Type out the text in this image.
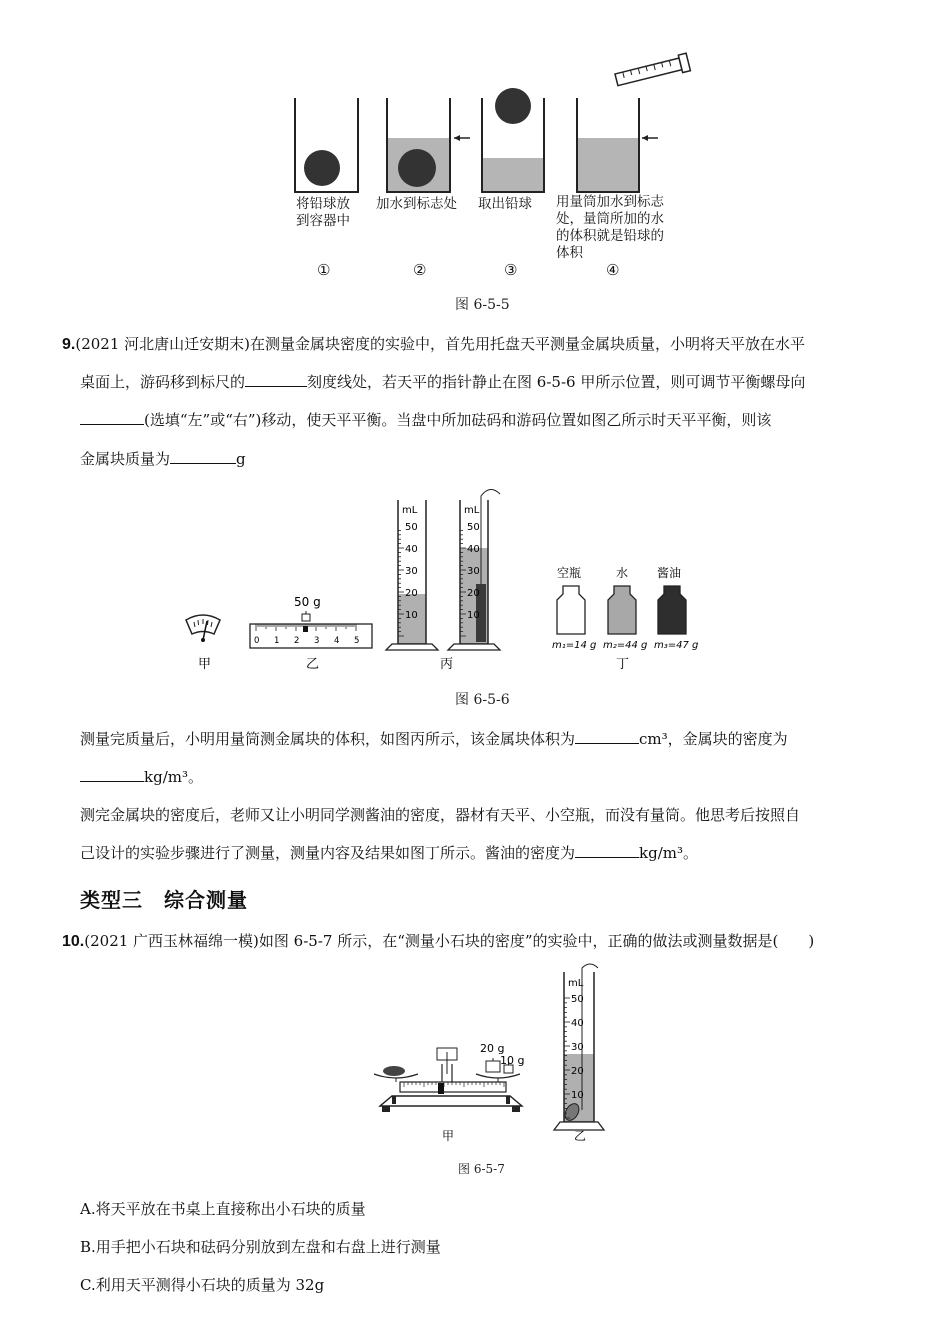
将铅球放
到容器中
加水到标志处 取出铅球 用量筒加水到标志
处，量筒所加的水
的体积就是铅球的
体积
①	②	③	④
图 6-5-5
9.(2021 河北唐山迁安期末)在测量金属块密度的实验中，首先用托盘天平测量金属块质量，小明将天平放在水平
桌面上，游码移到标尺的	刻度线处，若天平的指针静止在图 6-5-6 甲所示位置，则可调节平衡螺母向
(选填“左”或“右”)移动，使天平平衡。当盘中所加砝码和游码位置如图乙所示时天平平衡，则该
金属块质量为	g
甲
50 g
0 1 2 3 4 5
乙
mL
50
40
30
20
10
mL
50
40
30
20
10
丙
空瓶	水 酱油
m₁=14 g m₂=44 g m₃=47 g
丁
图 6-5-6
测量完质量后，小明用量筒测金属块的体积，如图丙所示，该金属块体积为	cm³，金属块的密度为
kg/m³。
测完金属块的密度后，老师又让小明同学测酱油的密度，器材有天平、小空瓶，而没有量筒。他思考后按照自
己设计的实验步骤进行了测量，测量内容及结果如图丁所示。酱油的密度为	kg/m³。
类型三　综合测量
10.(2021 广西玉林福绵一模)如图 6-5-7 所示，在“测量小石块的密度”的实验中，正确的做法或测量数据是(　　)
20 g
10 g
甲
mL
50
40
30
20
10
乙
图 6-5-7
A.将天平放在书桌上直接称出小石块的质量
B.用手把小石块和砝码分别放到左盘和右盘上进行测量
C.利用天平测得小石块的质量为 32g
